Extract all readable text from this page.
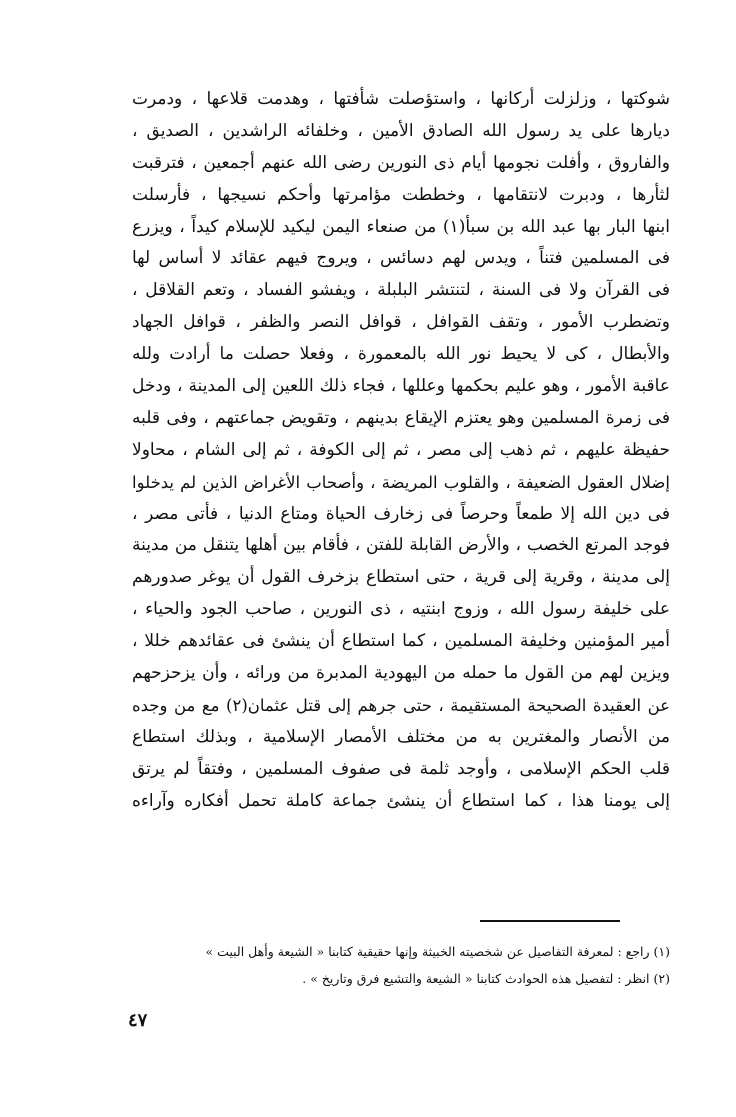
شوكتها ، وزلزلت أركانها ، واستؤصلت شأفتها ، وهدمت قلاعها ، ودمرت
ديارها على يد رسول الله الصادق الأمين ، وخلفائه الراشدين ، الصديق ،
والفاروق ، وأفلت نجومها أيام ذى النورين رضى الله عنهم أجمعين ، فترقبت
لثأرها ، ودبرت لانتقامها ، وخططت مؤامرتها وأحكم نسيجها ، فأرسلت
ابنها البار بها عبد الله بن سبأ(١) من صنعاء اليمن ليكيد للإسلام كيداً ، ويزرع
فى المسلمين فتناً ، ويدس لهم دسائس ، ويروج فيهم عقائد لا أساس لها
فى القرآن ولا فى السنة ، لتنتشر البلبلة ، ويفشو الفساد ، وتعم القلاقل ،
وتضطرب الأمور ، وتقف القوافل ، قوافل النصر والظفر ، قوافل الجهاد
والأبطال ، كى لا يحيط نور الله بالمعمورة ، وفعلا حصلت ما أرادت ولله
عاقبة الأمور ، وهو عليم بحكمها وعللها ، فجاء ذلك اللعين إلى المدينة ، ودخل
فى زمرة المسلمين وهو يعتزم الإيقاع بدينهم ، وتقويض جماعتهم ، وفى قلبه
حفيظة عليهم ، ثم ذهب إلى مصر ، ثم إلى الكوفة ، ثم إلى الشام ، محاولا
إضلال العقول الضعيفة ، والقلوب المريضة ، وأصحاب الأغراض الذين لم يدخلوا
فى دين الله إلا طمعاً وحرصاً فى زخارف الحياة ومتاع الدنيا ، فأتى مصر ،
فوجد المرتع الخصب ، والأرض القابلة للفتن ، فأقام بين أهلها يتنقل من مدينة
إلى مدينة ، وقرية إلى قرية ، حتى استطاع بزخرف القول أن يوغر صدورهم
على خليفة رسول الله ، وزوج ابنتيه ، ذى النورين ، صاحب الجود والحياء ،
أمير المؤمنين وخليفة المسلمين ، كما استطاع أن ينشئ فى عقائدهم خللا ،
ويزين لهم من القول ما حمله من اليهودية المدبرة من ورائه ، وأن يزحزحهم
عن العقيدة الصحيحة المستقيمة ، حتى جرهم إلى قتل عثمان(٢) مع من وجده
من الأنصار والمغترين به من مختلف الأمصار الإسلامية ، وبذلك استطاع
قلب الحكم الإسلامى ، وأوجد ثلمة فى صفوف المسلمين ، وفتقاً لم يرتق
إلى يومنا هذا ، كما استطاع أن ينشئ جماعة كاملة تحمل أفكاره وآراءه
(١) راجع : لمعرفة التفاصيل عن شخصيته الخبيثة وإنها حقيقية كتابنا « الشيعة وأهل البيت »
(٢) انظر : لتفصيل هذه الحوادث كتابنا « الشيعة والتشيع فرق وتاريخ » .
٤٧
